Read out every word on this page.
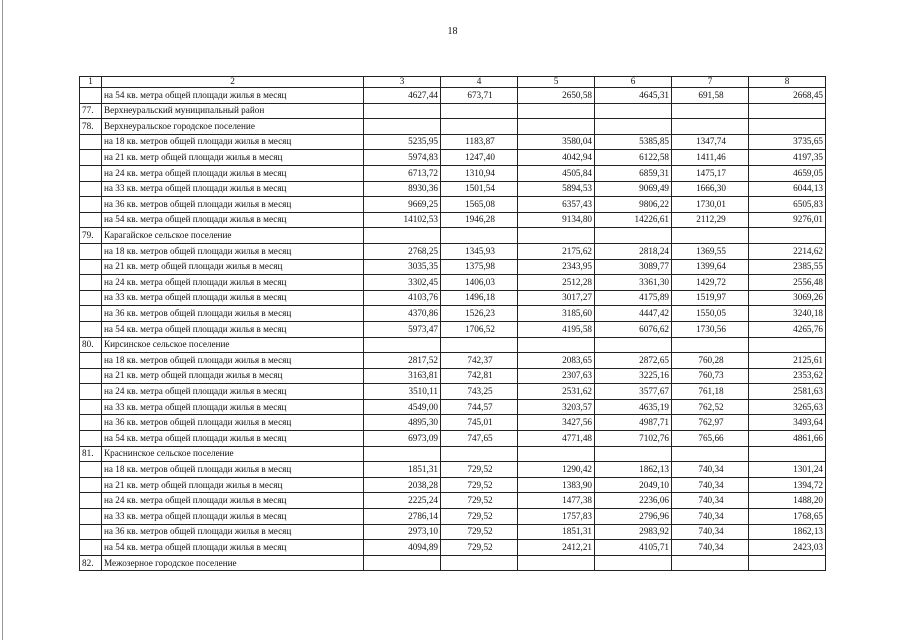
18
1	2	3	4	5	6	7	8
	на 54 кв. метра общей площади жилья в месяц	4627,44	673,71	2650,58	4645,31	691,58	2668,45
77.	Верхнеуральский муниципальный район						
78.	Верхнеуральское городское поселение						
	на 18 кв. метров общей площади жилья в месяц	5235,95	1183,87	3580,04	5385,85	1347,74	3735,65
	на 21 кв. метр общей площади жилья в месяц	5974,83	1247,40	4042,94	6122,58	1411,46	4197,35
	на 24 кв. метра общей площади жилья в месяц	6713,72	1310,94	4505,84	6859,31	1475,17	4659,05
	на 33 кв. метра общей площади жилья в месяц	8930,36	1501,54	5894,53	9069,49	1666,30	6044,13
	на 36 кв. метров общей площади жилья в месяц	9669,25	1565,08	6357,43	9806,22	1730,01	6505,83
	на 54 кв. метра общей площади жилья в месяц	14102,53	1946,28	9134,80	14226,61	2112,29	9276,01
79.	Карагайское сельское поселение						
	на 18 кв. метров общей площади жилья в месяц	2768,25	1345,93	2175,62	2818,24	1369,55	2214,62
	на 21 кв. метр общей площади жилья в месяц	3035,35	1375,98	2343,95	3089,77	1399,64	2385,55
	на 24 кв. метра общей площади жилья в месяц	3302,45	1406,03	2512,28	3361,30	1429,72	2556,48
	на 33 кв. метра общей площади жилья в месяц	4103,76	1496,18	3017,27	4175,89	1519,97	3069,26
	на 36 кв. метров общей площади жилья в месяц	4370,86	1526,23	3185,60	4447,42	1550,05	3240,18
	на 54 кв. метра общей площади жилья в месяц	5973,47	1706,52	4195,58	6076,62	1730,56	4265,76
80.	Кирсинское сельское поселение						
	на 18 кв. метров общей площади жилья в месяц	2817,52	742,37	2083,65	2872,65	760,28	2125,61
	на 21 кв. метр общей площади жилья в месяц	3163,81	742,81	2307,63	3225,16	760,73	2353,62
	на 24 кв. метра общей площади жилья в месяц	3510,11	743,25	2531,62	3577,67	761,18	2581,63
	на 33 кв. метра общей площади жилья в месяц	4549,00	744,57	3203,57	4635,19	762,52	3265,63
	на 36 кв. метров общей площади жилья в месяц	4895,30	745,01	3427,56	4987,71	762,97	3493,64
	на 54 кв. метра общей площади жилья в месяц	6973,09	747,65	4771,48	7102,76	765,66	4861,66
81.	Краснинское сельское поселение						
	на 18 кв. метров общей площади жилья в месяц	1851,31	729,52	1290,42	1862,13	740,34	1301,24
	на 21 кв. метр общей площади жилья в месяц	2038,28	729,52	1383,90	2049,10	740,34	1394,72
	на 24 кв. метра общей площади жилья в месяц	2225,24	729,52	1477,38	2236,06	740,34	1488,20
	на 33 кв. метра общей площади жилья в месяц	2786,14	729,52	1757,83	2796,96	740,34	1768,65
	на 36 кв. метров общей площади жилья в месяц	2973,10	729,52	1851,31	2983,92	740,34	1862,13
	на 54 кв. метра общей площади жилья в месяц	4094,89	729,52	2412,21	4105,71	740,34	2423,03
82.	Межозерное городское поселение						
